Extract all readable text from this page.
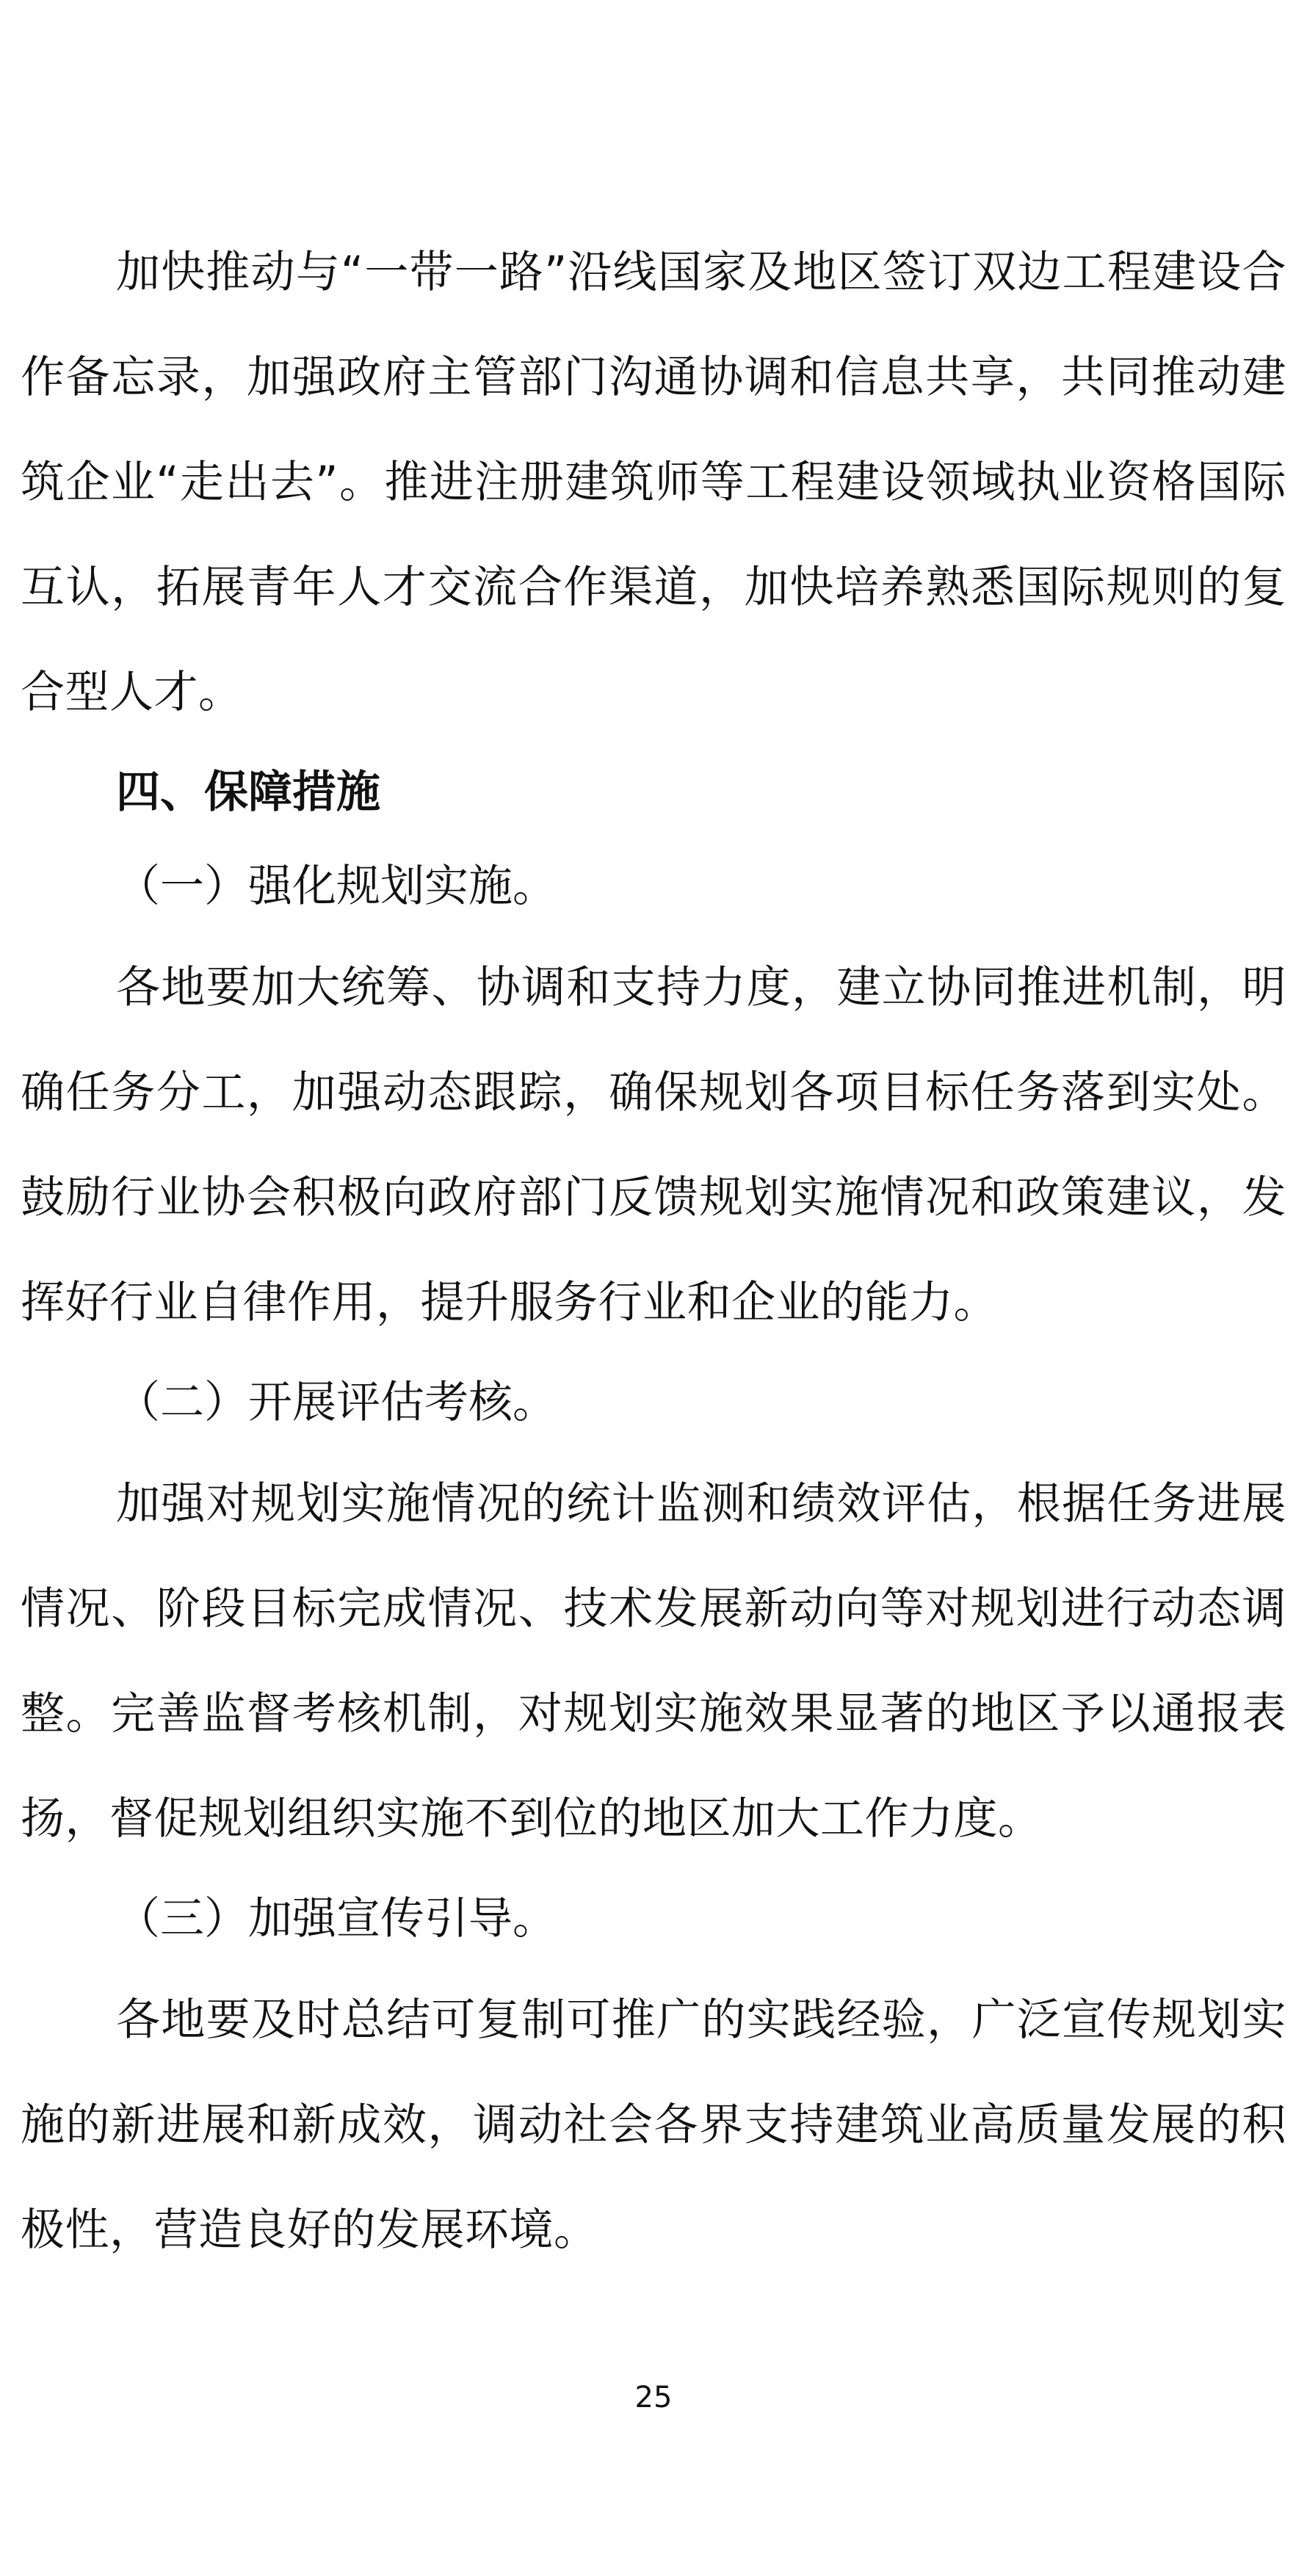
加快推动与“一带一路”沿线国家及地区签订双边工程建设合作备忘录，加强政府主管部门沟通协调和信息共享，共同推动建筑企业“走出去”。推进注册建筑师等工程建设领域执业资格国际互认，拓展青年人才交流合作渠道，加快培养熟悉国际规则的复合型人才。

四、保障措施

（一）强化规划实施。

各地要加大统筹、协调和支持力度，建立协同推进机制，明确任务分工，加强动态跟踪，确保规划各项目标任务落到实处。鼓励行业协会积极向政府部门反馈规划实施情况和政策建议，发挥好行业自律作用，提升服务行业和企业的能力。

（二）开展评估考核。

加强对规划实施情况的统计监测和绩效评估，根据任务进展情况、阶段目标完成情况、技术发展新动向等对规划进行动态调整。完善监督考核机制，对规划实施效果显著的地区予以通报表扬，督促规划组织实施不到位的地区加大工作力度。

（三）加强宣传引导。

各地要及时总结可复制可推广的实践经验，广泛宣传规划实施的新进展和新成效，调动社会各界支持建筑业高质量发展的积极性，营造良好的发展环境。

25
